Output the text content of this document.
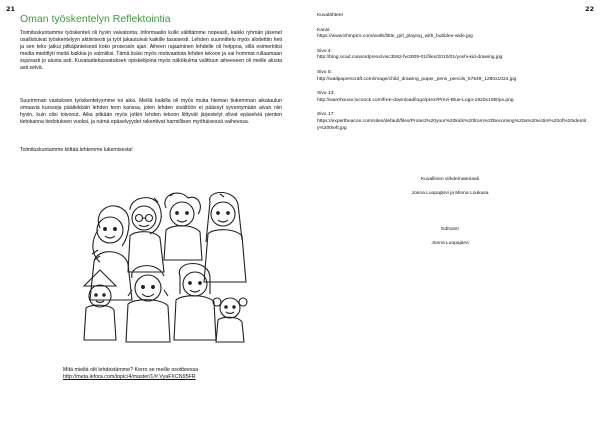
21
Oman työskentelyn Reflektointia

Toimituskuntamme työskenteli oli hyvin vaivatonta; Informaatio kulki välittämme nopeasti, kaikki ryhmän jäsenet osallistuivat työskentelyyn aktiivisesti ja työt jakautuivat kaikille tasaisesti. Lehden suunnittelu myös aloitettiin heti ja sen teko jatkui pitkäjänteisesti koko prosessin ajan. Aiheen rajaaminen lehdelle oli helppoa, sillä esimerkiksi media mietittyti meitä kaikkia jo valmiiksi. Tämä lisäsi myös motivaatiota lehden tekoon ja sai hommat rullaamaan sujuvasti jo alusta asti. Kuvataidekasvatuksen opiskelijoina myös näkökulma valittuun aiheeseen oli meille alusta asti selvä.

Suurimman vastuksen työskentelyymme toi aika. Meillä kaikilla oli myös muita hieman tiukemman aikataulun omaavia kursseja päällekkäin lehden teon kanssa, joten lehden sisältöön ei päässyt syventymään aivan niin hyvin, kuin olisi toivonut. Aika pitkään myös jotkin lehden tekoon liittyvät järjestelyt olivat epäselviä pienten tietokanna tiedotuksen vuoksi, ja nämä epäselvyydet rakentivat harmillisen myöhäisessä vaiheessa.

Toimituskuntamme kiittää lehtemme lukemisesta!

Mitä mieltä olit lehdestämme? Kerro se meille osoitteessa
http://meta.lefora.com/topic/4/master/1/#.VyaFXCN95FR
22
Kuvalähteet
Kansi:
https://www.bhmpics.com/walls/little_girl_playing_with_bubbles-wide.jpg
Sivu 4:
http://blog.ocad.ca/wordpress/visc3b92-fw2009-01/files/2010/01/yoshi-kid-drawing.jpg
Sivu 5:
http://wallpaperscraft.com/image/child_drawing_paper_pens_pencils_57549_1280x1024.jpg
Sivu 13:
http://warehouse.locoock.com/free-download/logo/prezi/Prezi-Blue-Logo-1920x1080px.png
Sivu 17:
https://expertbeacon.com/sites/default/files/Protect%20your%20kids%20from%20becoming%20a%20victim%20of%20identity%20theft.jpg
Kuvallinen viihdemateriaali
Jonna Luopajärvi ja Minna Loukusa
Editointi
Jonna Luopajärvi
